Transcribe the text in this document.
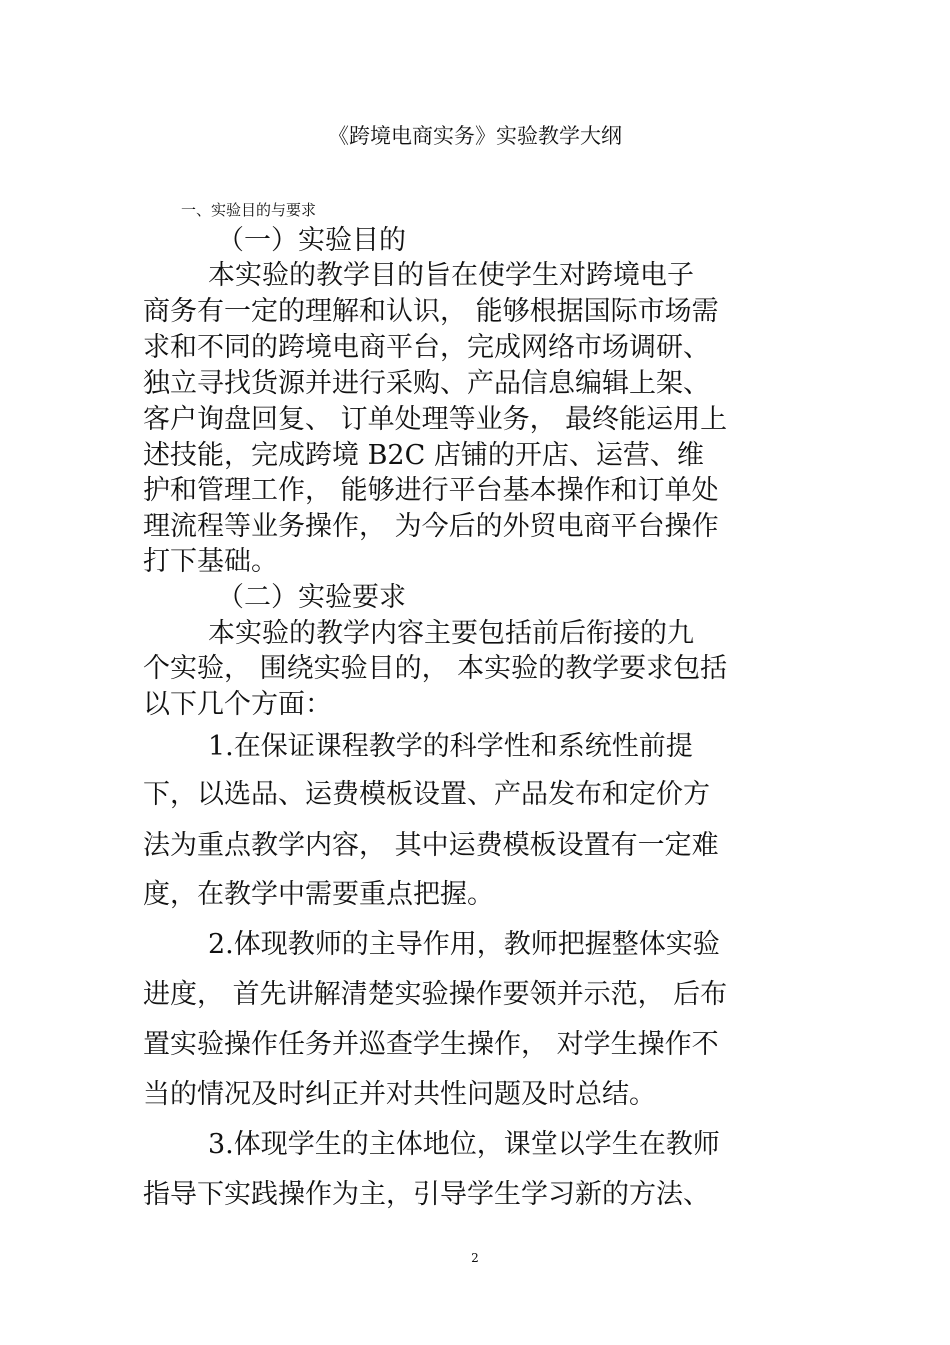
《跨境电商实务》实验教学大纲

一、实验目的与要求

（一）实验目的

本实验的教学目的旨在使学生对跨境电子

商务有一定的理解和认识， 能够根据国际市场需

求和不同的跨境电商平台，完成网络市场调研、

独立寻找货源并进行采购、产品信息编辑上架、

客户询盘回复、 订单处理等业务， 最终能运用上

述技能，完成跨境 B2C 店铺的开店、运营、维

护和管理工作， 能够进行平台基本操作和订单处

理流程等业务操作， 为今后的外贸电商平台操作

打下基础。

（二）实验要求

本实验的教学内容主要包括前后衔接的九

个实验， 围绕实验目的， 本实验的教学要求包括

以下几个方面：

1.在保证课程教学的科学性和系统性前提

下，以选品、运费模板设置、产品发布和定价方

法为重点教学内容， 其中运费模板设置有一定难

度，在教学中需要重点把握。

2.体现教师的主导作用，教师把握整体实验

进度， 首先讲解清楚实验操作要领并示范， 后布

置实验操作任务并巡查学生操作， 对学生操作不

当的情况及时纠正并对共性问题及时总结。

3.体现学生的主体地位，课堂以学生在教师

指导下实践操作为主，引导学生学习新的方法、

2
